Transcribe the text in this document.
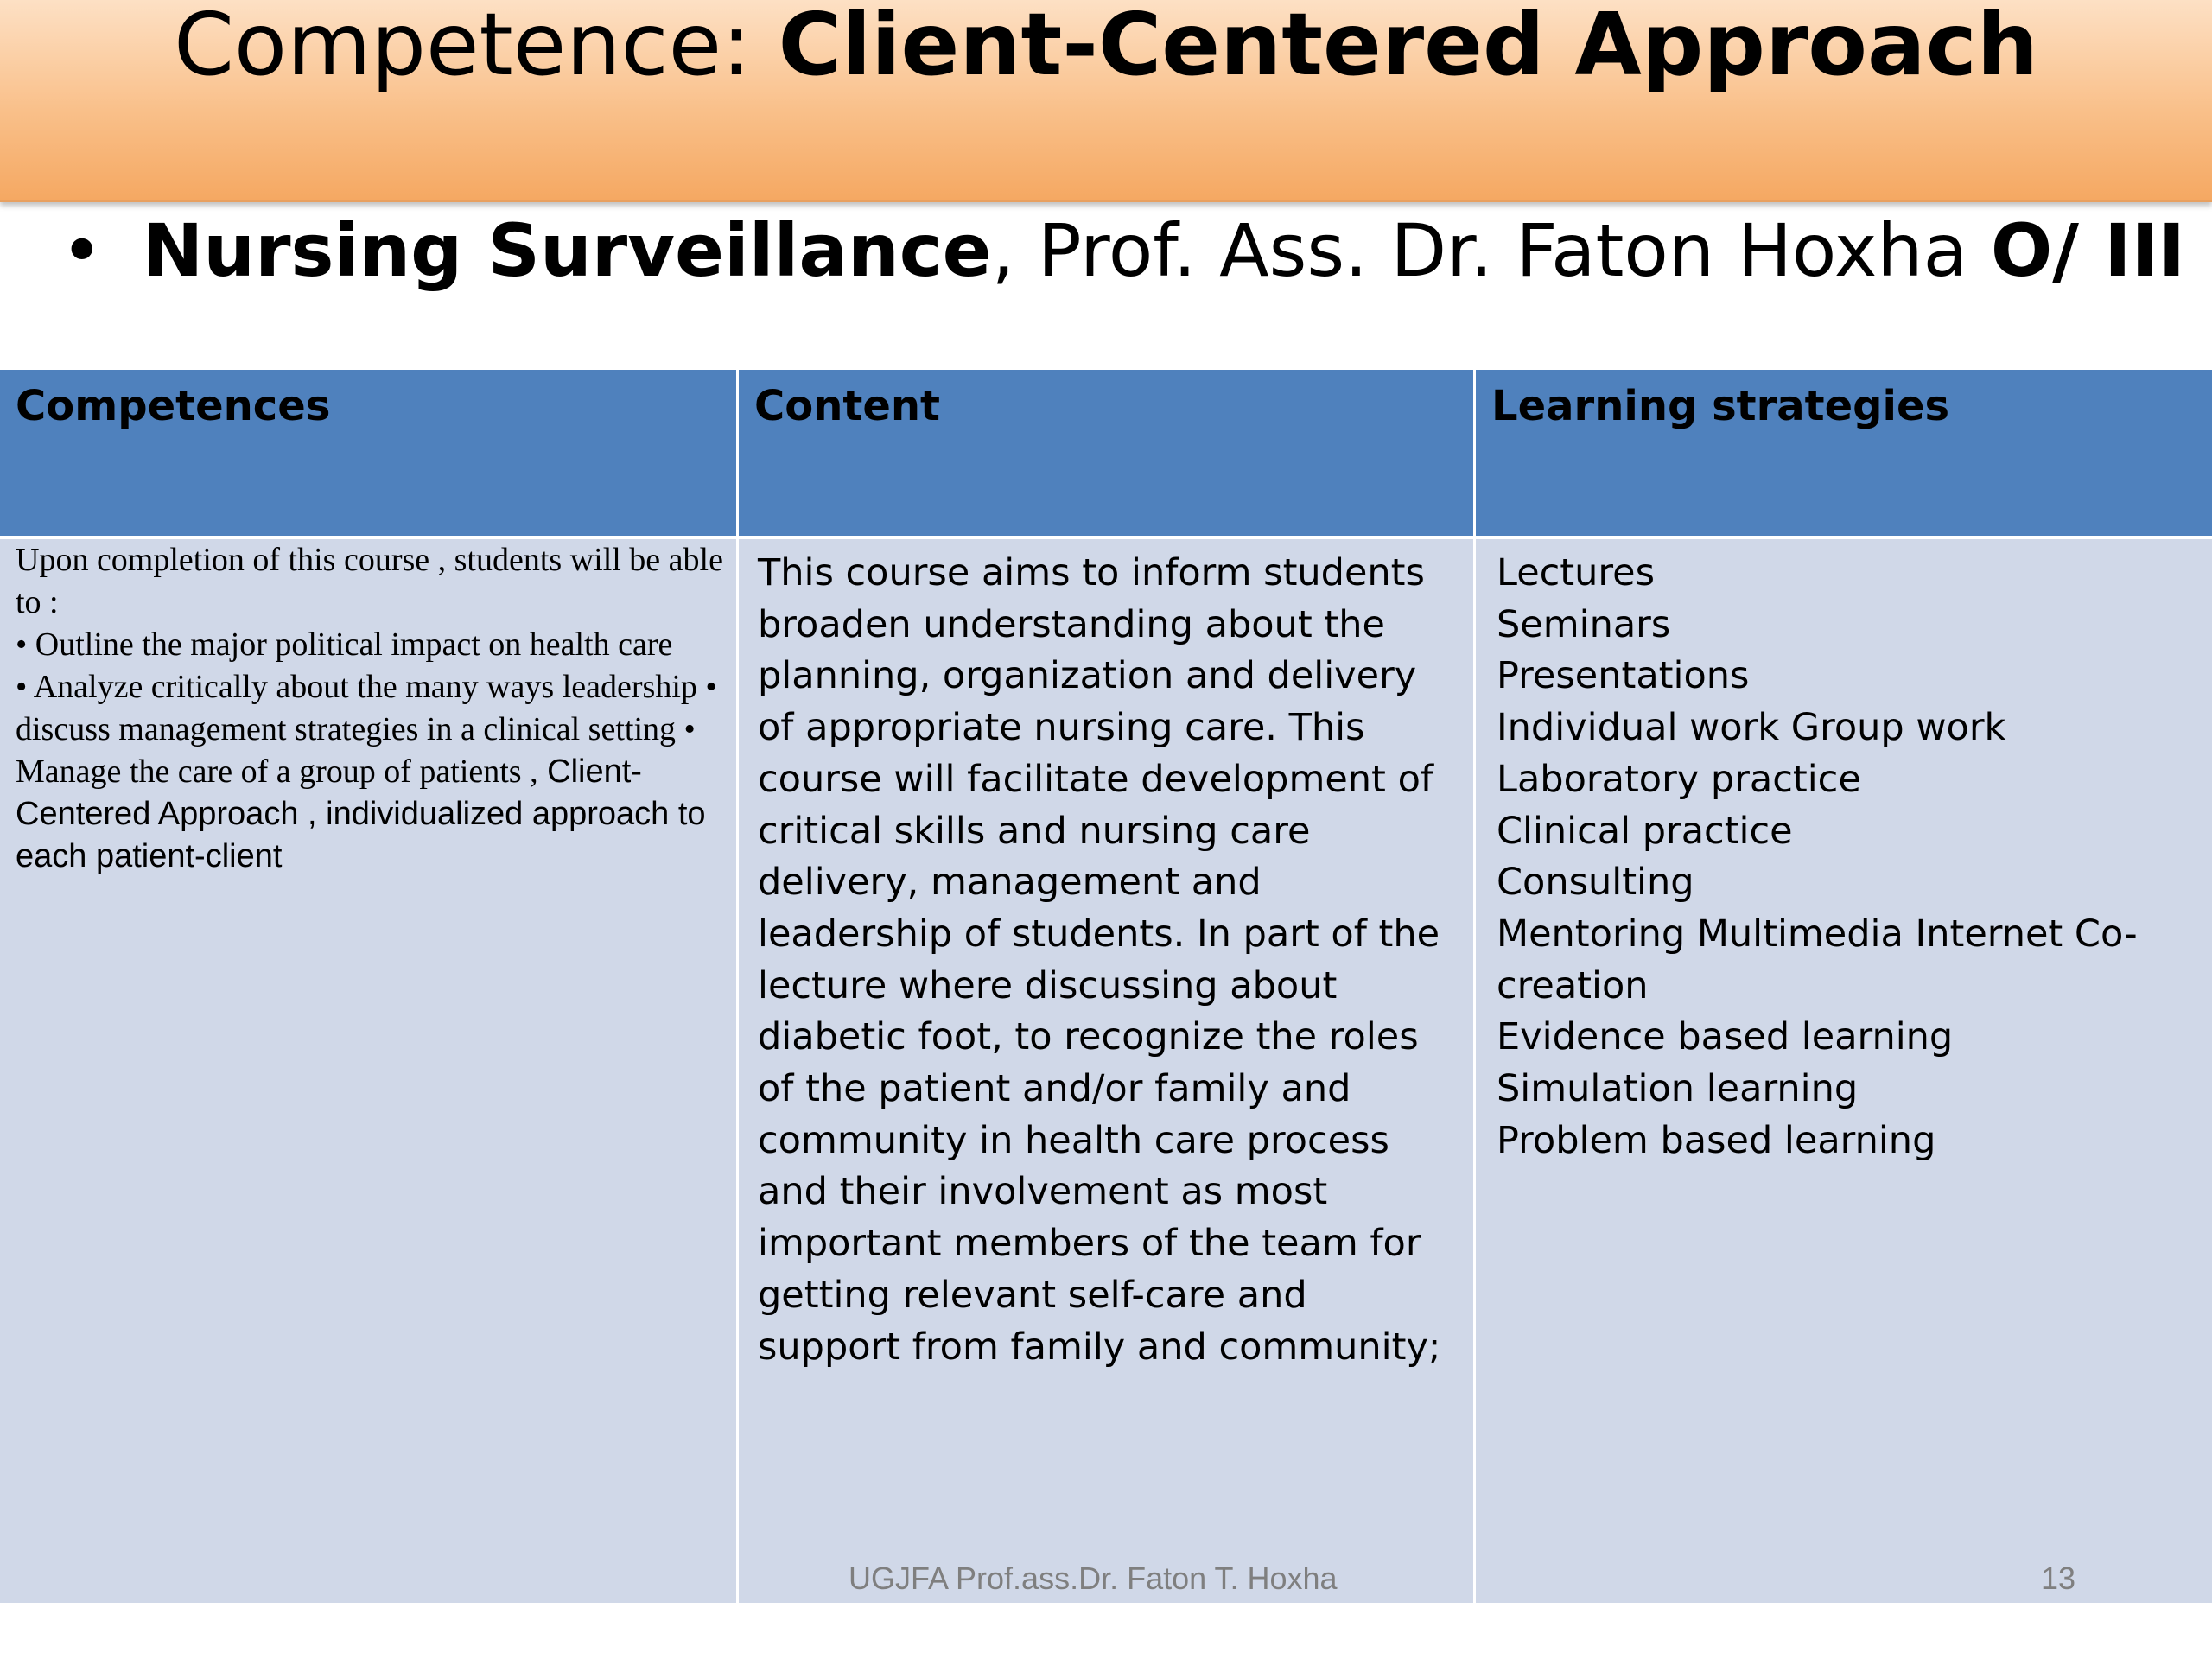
Competence: Client-Centered Approach
• Nursing Surveillance, Prof. Ass. Dr. Faton Hoxha O/ III
Competences
Upon completion of this course , students will be able to :
• Outline the major political impact on health care
• Analyze critically about the many ways leadership • discuss management strategies in a clinical setting • Manage the care of a group of patients , Client-Centered Approach , individualized approach to each patient-client
Content
This course aims to inform students broaden understanding about the planning, organization and delivery of appropriate nursing care. This course will facilitate development of critical skills and nursing care delivery, management and leadership of students. In part of the lecture where discussing about diabetic foot, to recognize the roles of the patient and/or family and community in health care process and their involvement as most important members of the team for getting relevant self-care and support from family and community;
Learning strategies
Lectures
Seminars
Presentations
Individual work Group work
Laboratory practice
Clinical practice
Consulting
Mentoring Multimedia Internet Co-
creation
Evidence based learning
Simulation learning
Problem based learning
UGJFA Prof.ass.Dr. Faton T. Hoxha	13
